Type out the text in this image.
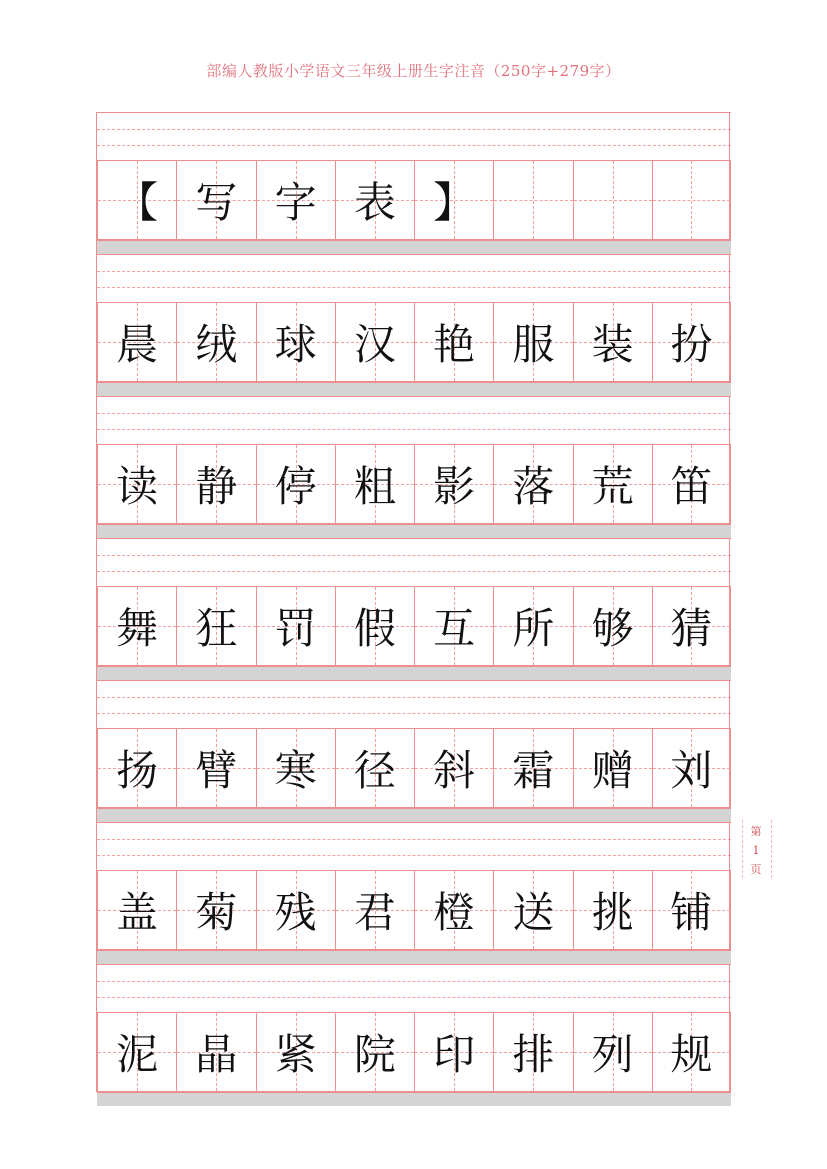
部编人教版小学语文三年级上册生字注音（250字+279字）
【 写 字 表 】
晨 绒 球 汉 艳 服 装 扮
读 静 停 粗 影 落 荒 笛
舞 狂 罚 假 互 所 够 猜
扬 臂 寒 径 斜 霜 赠 刘
盖 菊 残 君 橙 送 挑 铺
泥 晶 紧 院 印 排 列 规
第
1
页
